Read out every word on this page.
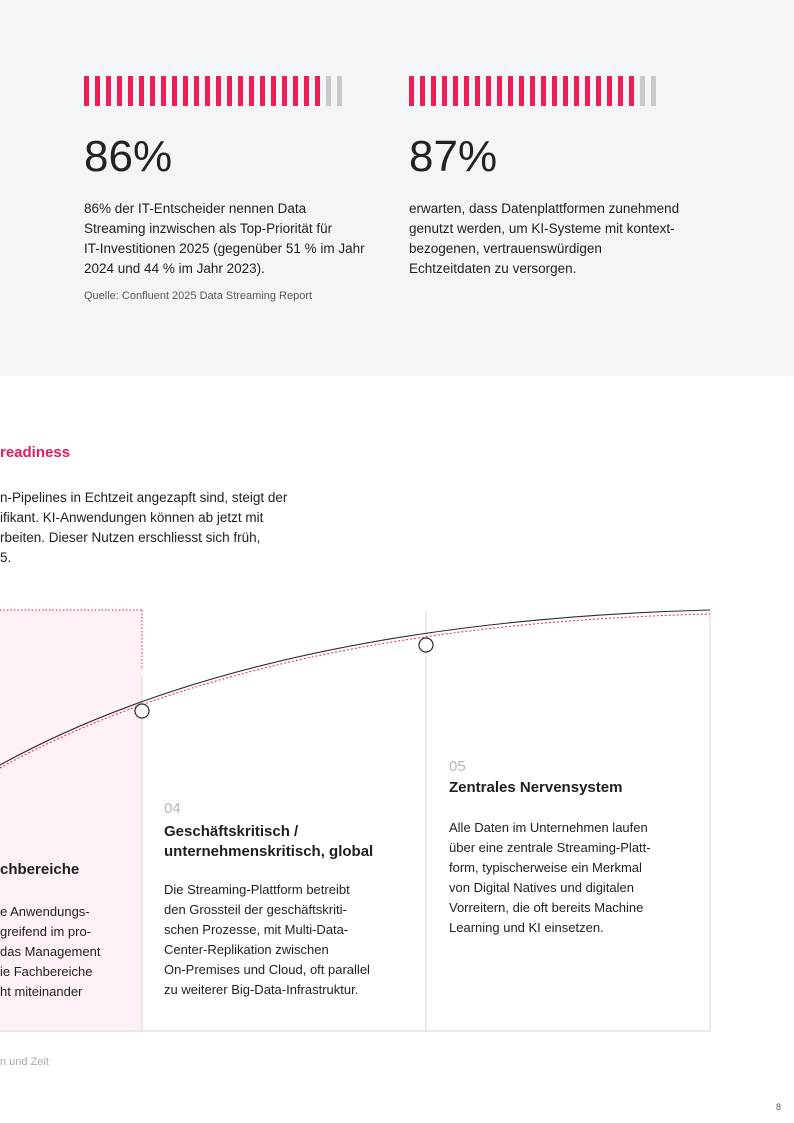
86%
86% der IT-Entscheider nennen Data
Streaming inzwischen als Top-Priorität für
IT-Investitionen 2025 (gegenüber 51 % im Jahr
2024 und 44 % im Jahr 2023).
87%
erwarten, dass Datenplattformen zunehmend
genutzt werden, um KI-Systeme mit kontext-
bezogenen, vertrauenswürdigen
Echtzeitdaten zu versorgen.
Quelle: Confluent 2025 Data Streaming Report
readiness
n-Pipelines in Echtzeit angezapft sind, steigt der
ifikant. KI-Anwendungen können ab jetzt mit
rbeiten. Dieser Nutzen erschliesst sich früh,
5.
chbereiche
e Anwendungs-
greifend im pro-
das Management
ie Fachbereiche
ht miteinander
04
Geschäftskritisch /
unternehmenskritisch, global
Die Streaming-Plattform betreibt
den Grossteil der geschäftskriti-
schen Prozesse, mit Multi-Data-
Center-Replikation zwischen
On-Premises und Cloud, oft parallel
zu weiterer Big-Data-Infrastruktur.
05
Zentrales Nervensystem
Alle Daten im Unternehmen laufen
über eine zentrale Streaming-Platt-
form, typischerweise ein Merkmal
von Digital Natives und digitalen
Vorreitern, die oft bereits Machine
Learning und KI einsetzen.
n und Zeit
8
